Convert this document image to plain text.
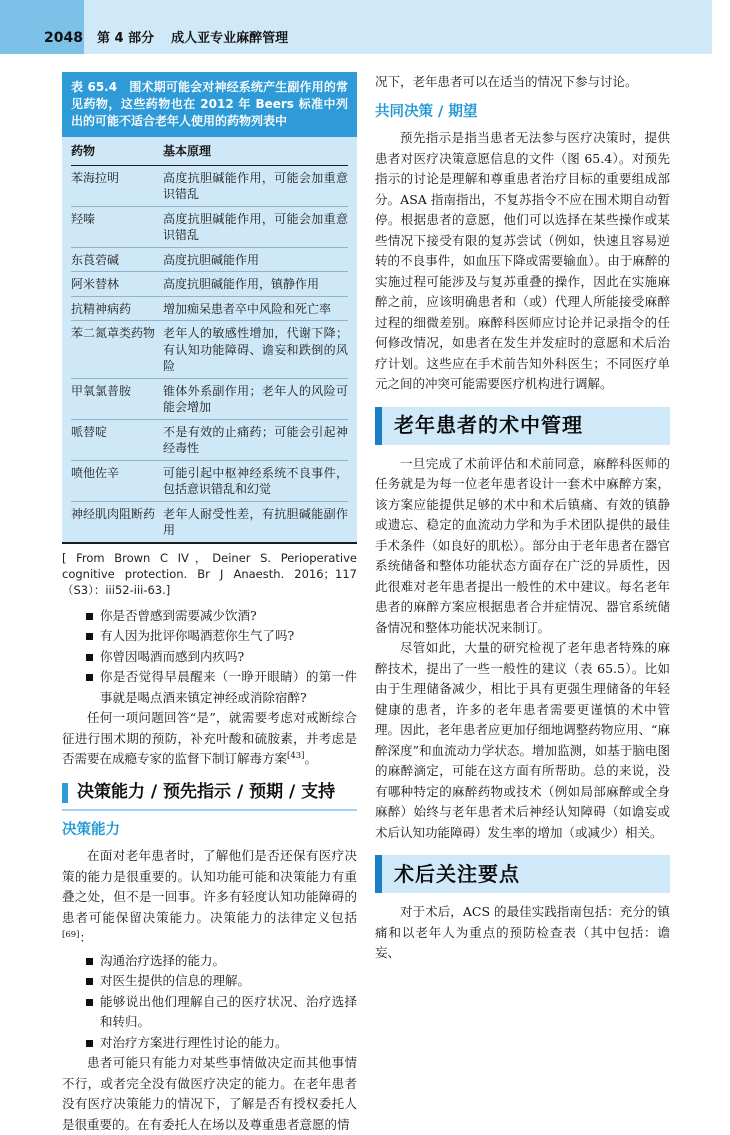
2048 第 4 部分 成人亚专业麻醉管理
表 65.4　围术期可能会对神经系统产生副作用的常见药物，这些药物也在 2012 年 Beers 标准中列出的可能不适合老年人使用的药物列表中
药物	基本原理
苯海拉明	高度抗胆碱能作用，可能会加重意识错乱
羟嗪	高度抗胆碱能作用，可能会加重意识错乱
东莨菪碱	高度抗胆碱能作用
阿米替林	高度抗胆碱能作用，镇静作用
抗精神病药	增加痴呆患者卒中风险和死亡率
苯二氮䓬类药物	老年人的敏感性增加，代谢下降；有认知功能障碍、谵妄和跌倒的风险
甲氧氯普胺	锥体外系副作用；老年人的风险可能会增加
哌替啶	不是有效的止痛药；可能会引起神经毒性
喷他佐辛	可能引起中枢神经系统不良事件，包括意识错乱和幻觉
神经肌肉阻断药	老年人耐受性差，有抗胆碱能副作用
[ From Brown C IV，Deiner S. Perioperative cognitive protection. Br J Anaesth. 2016；117（S3）：iii52-iii-63.]
你是否曾感到需要减少饮酒?
有人因为批评你喝酒惹你生气了吗?
你曾因喝酒而感到内疚吗?
你是否觉得早晨醒来（一睁开眼睛）的第一件事就是喝点酒来镇定神经或消除宿醉?

任何一项问题回答“是”，就需要考虑对戒断综合征进行围术期的预防，补充叶酸和硫胺素，并考虑是否需要在成瘾专家的监督下制订解毒方案[43]。

决策能力 / 预先指示 / 预期 / 支持
决策能力

在面对老年患者时，了解他们是否还保有医疗决策的能力是很重要的。认知功能可能和决策能力有重叠之处，但不是一回事。许多有轻度认知功能障碍的患者可能保留决策能力。决策能力的法律定义包括[69]：

沟通治疗选择的能力。
对医生提供的信息的理解。
能够说出他们理解自己的医疗状况、治疗选择和转归。
对治疗方案进行理性讨论的能力。

患者可能只有能力对某些事情做决定而其他事情不行，或者完全没有做医疗决定的能力。在老年患者没有医疗决策能力的情况下，了解是否有授权委托人是很重要的。在有委托人在场以及尊重患者意愿的情

况下，老年患者可以在适当的情况下参与讨论。

共同决策 / 期望

预先指示是指当患者无法参与医疗决策时，提供患者对医疗决策意愿信息的文件（图 65.4）。对预先指示的讨论是理解和尊重患者治疗目标的重要组成部分。ASA 指南指出，不复苏指令不应在围术期自动暂停。根据患者的意愿，他们可以选择在某些操作或某些情况下接受有限的复苏尝试（例如，快速且容易逆转的不良事件，如血压下降或需要输血）。由于麻醉的实施过程可能涉及与复苏重叠的操作，因此在实施麻醉之前，应该明确患者和（或）代理人所能接受麻醉过程的细微差别。麻醉科医师应讨论并记录指令的任何修改情况，如患者在发生并发症时的意愿和术后治疗计划。这些应在手术前告知外科医生；不同医疗单元之间的冲突可能需要医疗机构进行调解。

老年患者的术中管理

一旦完成了术前评估和术前同意，麻醉科医师的任务就是为每一位老年患者设计一套术中麻醉方案，该方案应能提供足够的术中和术后镇痛、有效的镇静或遗忘、稳定的血流动力学和为手术团队提供的最佳手术条件（如良好的肌松）。部分由于老年患者在器官系统储备和整体功能状态方面存在广泛的异质性，因此很难对老年患者提出一般性的术中建议。每名老年患者的麻醉方案应根据患者合并症情况、器官系统储备情况和整体功能状况来制订。

尽管如此，大量的研究检视了老年患者特殊的麻醉技术，提出了一些一般性的建议（表 65.5）。比如由于生理储备减少，相比于具有更强生理储备的年轻健康的患者，许多的老年患者需要更谨慎的术中管理。因此，老年患者应更加仔细地调整药物应用、“麻醉深度”和血流动力学状态。增加监测，如基于脑电图的麻醉滴定，可能在这方面有所帮助。总的来说，没有哪种特定的麻醉药物或技术（例如局部麻醉或全身麻醉）始终与老年患者术后神经认知障碍（如谵妄或术后认知功能障碍）发生率的增加（或减少）相关。

术后关注要点

对于术后，ACS 的最佳实践指南包括：充分的镇痛和以老年人为重点的预防检查表（其中包括：谵妄、
